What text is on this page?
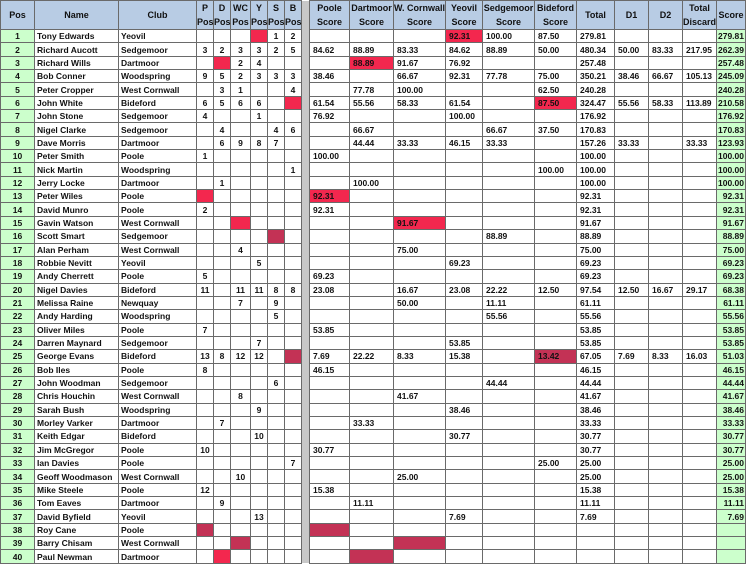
Pos	Name	Club	P	D	WC	Y	S	B		Poole	Dartmoor	W. Cornwall	Yeovil	Sedgemoor	Bideford	Total	D1	D2	Total	Score
			Pos	Pos	Pos	Pos	Pos	Pos		Score	Score	Score	Score	Score	Score				Discard	
1	Tony Edwards	Yeovil					1	2					92.31	100.00	87.50	279.81				279.81
2	Richard Aucott	Sedgemoor	3	2	3	3	2	5		84.62	88.89	83.33	84.62	88.89	50.00	480.34	50.00	83.33	217.95	262.39
3	Richard Wills	Dartmoor			2	4					88.89	91.67	76.92			257.48				257.48
4	Bob Conner	Woodspring	9	5	2	3	3	3		38.46		66.67	92.31	77.78	75.00	350.21	38.46	66.67	105.13	245.09
5	Peter Cropper	West Cornwall		3	1			4			77.78	100.00			62.50	240.28				240.28
6	John White	Bideford	6	5	6	6				61.54	55.56	58.33	61.54		87.50	324.47	55.56	58.33	113.89	210.58
7	John Stone	Sedgemoor	4			1				76.92			100.00			176.92				176.92
8	Nigel Clarke	Sedgemoor		4			4	6			66.67			66.67	37.50	170.83				170.83
9	Dave Morris	Dartmoor		6	9	8	7				44.44	33.33	46.15	33.33		157.26	33.33		33.33	123.93
10	Peter Smith	Poole	1							100.00						100.00				100.00
11	Nick Martin	Woodspring						1							100.00	100.00				100.00
12	Jerry Locke	Dartmoor		1							100.00					100.00				100.00
13	Peter Wiles	Poole								92.31						92.31				92.31
14	David Munro	Poole	2							92.31						92.31				92.31
15	Gavin Watson	West Cornwall										91.67				91.67				91.67
16	Scott Smart	Sedgemoor												88.89		88.89				88.89
17	Alan Perham	West Cornwall			4							75.00				75.00				75.00
18	Robbie Nevitt	Yeovil				5							69.23			69.23				69.23
19	Andy Cherrett	Poole	5							69.23						69.23				69.23
20	Nigel Davies	Bideford	11		11	11	8	8		23.08		16.67	23.08	22.22	12.50	97.54	12.50	16.67	29.17	68.38
21	Melissa Raine	Newquay			7		9					50.00		11.11		61.11				61.11
22	Andy Harding	Woodspring					5							55.56		55.56				55.56
23	Oliver Miles	Poole	7							53.85						53.85				53.85
24	Darren Maynard	Sedgemoor				7							53.85			53.85				53.85
25	George Evans	Bideford	13	8	12	12				7.69	22.22	8.33	15.38		13.42	67.05	7.69	8.33	16.03	51.03
26	Bob Iles	Poole	8							46.15						46.15				46.15
27	John Woodman	Sedgemoor					6							44.44		44.44				44.44
28	Chris Houchin	West Cornwall			8							41.67				41.67				41.67
29	Sarah Bush	Woodspring				9							38.46			38.46				38.46
30	Morley Varker	Dartmoor		7							33.33					33.33				33.33
31	Keith Edgar	Bideford				10							30.77			30.77				30.77
32	Jim McGregor	Poole	10							30.77						30.77				30.77
33	Ian Davies	Poole						7							25.00	25.00				25.00
34	Geoff Woodmason	West Cornwall			10							25.00				25.00				25.00
35	Mike Steele	Poole	12							15.38						15.38				15.38
36	Tom Eaves	Dartmoor		9							11.11					11.11				11.11
37	David Byfield	Yeovil				13							7.69			7.69				7.69
38	Roy Cane	Poole																		
39	Barry Chisam	West Cornwall																		
40	Paul Newman	Dartmoor																		
